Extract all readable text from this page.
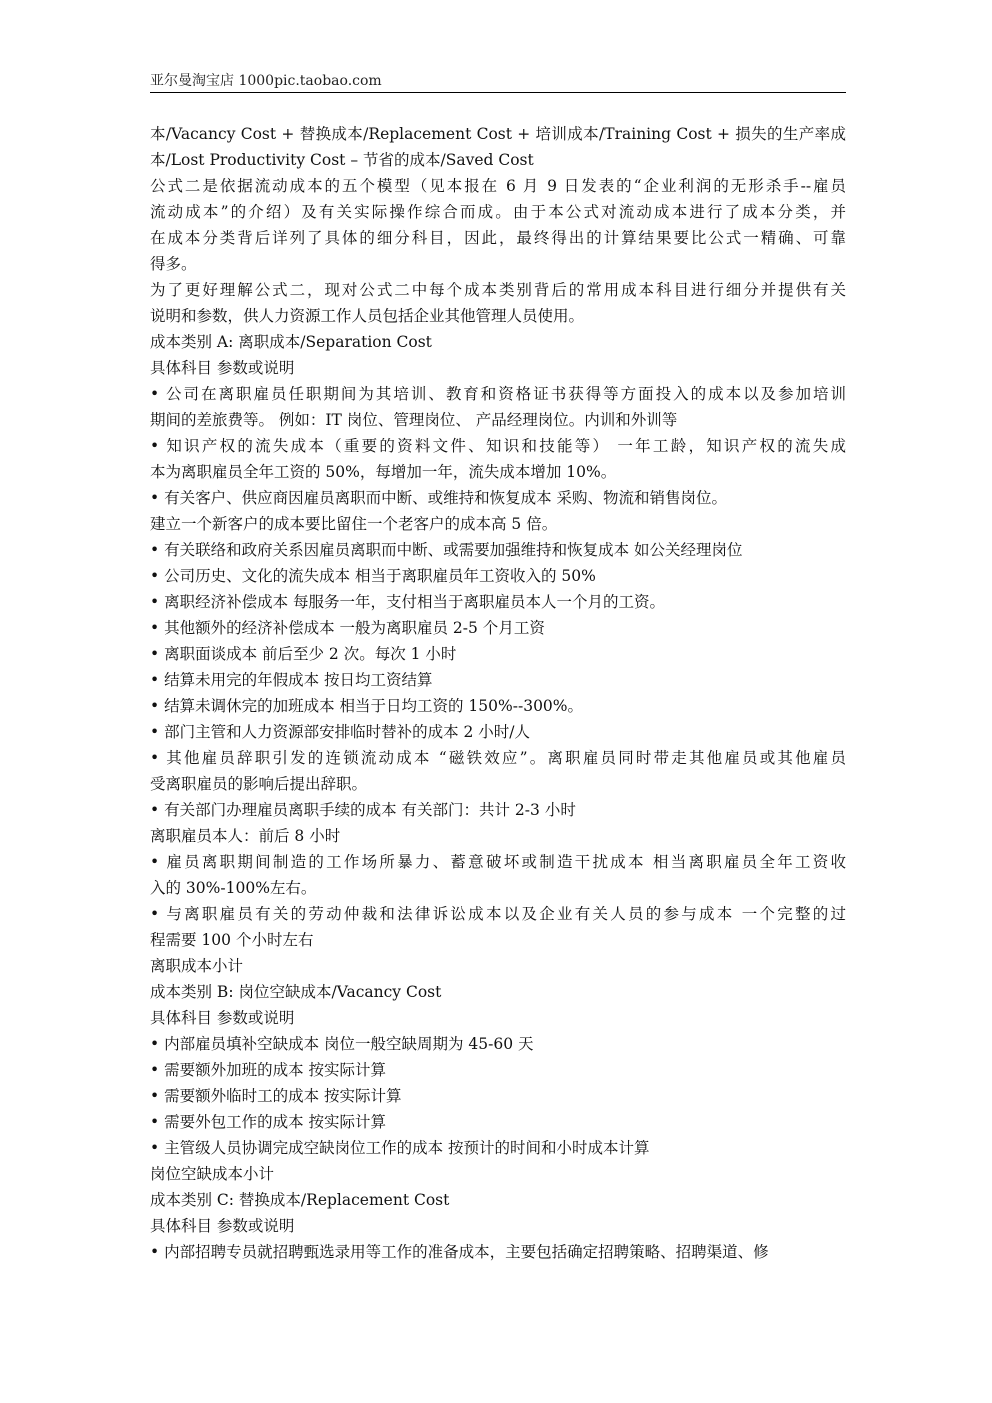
亚尔曼淘宝店 1000pic.taobao.com
本/Vacancy Cost + 替换成本/Replacement Cost + 培训成本/Training Cost + 损失的生产率成
本/Lost Productivity Cost – 节省的成本/Saved Cost
公式二是依据流动成本的五个模型（见本报在 6 月 9 日发表的“企业利润的无形杀手--雇员
流动成本”的介绍）及有关实际操作综合而成。由于本公式对流动成本进行了成本分类，并
在成本分类背后详列了具体的细分科目，因此，最终得出的计算结果要比公式一精确、可靠
得多。
为了更好理解公式二，现对公式二中每个成本类别背后的常用成本科目进行细分并提供有关
说明和参数，供人力资源工作人员包括企业其他管理人员使用。
成本类别 A: 离职成本/Separation Cost
具体科目 参数或说明
• 公司在离职雇员任职期间为其培训、教育和资格证书获得等方面投入的成本以及参加培训
期间的差旅费等。 例如：IT 岗位、管理岗位、 产品经理岗位。内训和外训等
• 知识产权的流失成本（重要的资料文件、知识和技能等） 一年工龄，知识产权的流失成
本为离职雇员全年工资的 50%，每增加一年，流失成本增加 10%。
• 有关客户、供应商因雇员离职而中断、或维持和恢复成本 采购、物流和销售岗位。
建立一个新客户的成本要比留住一个老客户的成本高 5 倍。
• 有关联络和政府关系因雇员离职而中断、或需要加强维持和恢复成本 如公关经理岗位
• 公司历史、文化的流失成本 相当于离职雇员年工资收入的 50%
• 离职经济补偿成本 每服务一年，支付相当于离职雇员本人一个月的工资。
• 其他额外的经济补偿成本 一般为离职雇员 2-5 个月工资
• 离职面谈成本 前后至少 2 次。每次 1 小时
• 结算未用完的年假成本 按日均工资结算
• 结算未调休完的加班成本 相当于日均工资的 150%--300%。
• 部门主管和人力资源部安排临时替补的成本 2 小时/人
• 其他雇员辞职引发的连锁流动成本 “磁铁效应”。离职雇员同时带走其他雇员或其他雇员
受离职雇员的影响后提出辞职。
• 有关部门办理雇员离职手续的成本 有关部门：共计 2-3 小时
离职雇员本人：前后 8 小时
• 雇员离职期间制造的工作场所暴力、蓄意破坏或制造干扰成本 相当离职雇员全年工资收
入的 30%-100%左右。
• 与离职雇员有关的劳动仲裁和法律诉讼成本以及企业有关人员的参与成本 一个完整的过
程需要 100 个小时左右
离职成本小计
成本类别 B: 岗位空缺成本/Vacancy Cost
具体科目 参数或说明
• 内部雇员填补空缺成本 岗位一般空缺周期为 45-60 天
• 需要额外加班的成本 按实际计算
• 需要额外临时工的成本 按实际计算
• 需要外包工作的成本 按实际计算
• 主管级人员协调完成空缺岗位工作的成本 按预计的时间和小时成本计算
岗位空缺成本小计
成本类别 C: 替换成本/Replacement Cost
具体科目 参数或说明
• 内部招聘专员就招聘甄选录用等工作的准备成本，主要包括确定招聘策略、招聘渠道、修
